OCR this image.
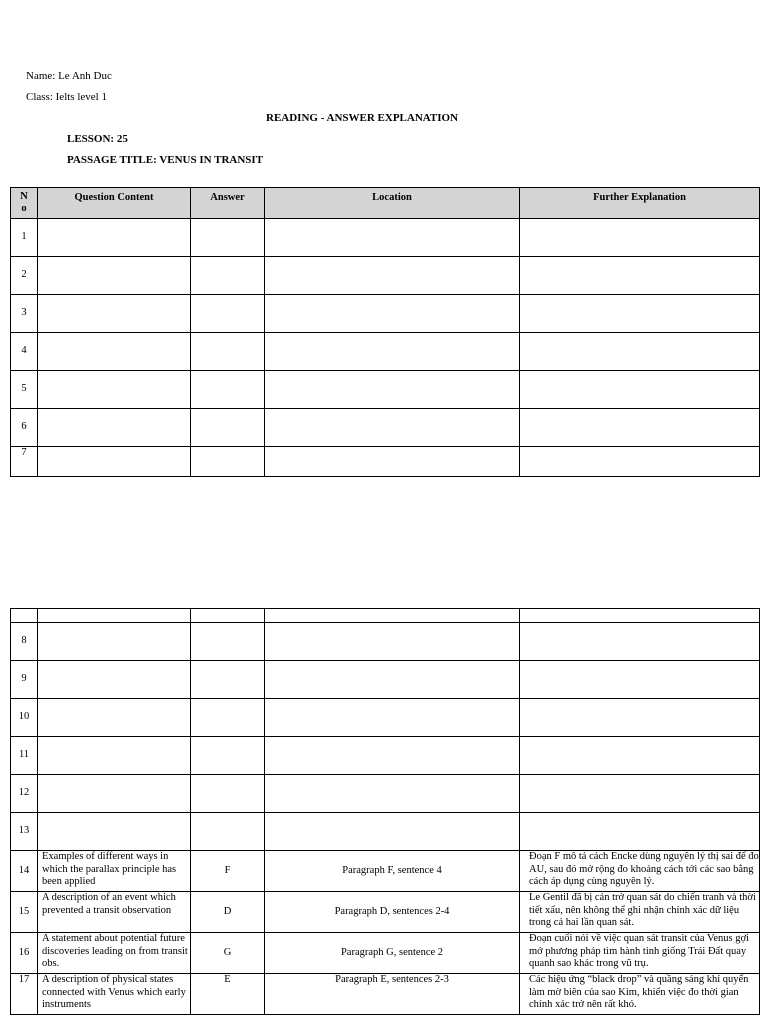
Name: Le Anh Duc
Class: Ielts level 1
READING - ANSWER EXPLANATION
LESSON: 25
PASSAGE TITLE: VENUS IN TRANSIT
N
o	Question Content	Answer	Location	Further Explanation
1				
2				
3				
4				
5				
6				
7				

8				
9				
10				
11				
12				
13				
14	Examples of different ways in which the parallax principle has been applied	F	Paragraph F, sentence 4	Đoạn F mô tả cách Encke dùng nguyên lý thị sai để đo AU, sau đó mở rộng đo khoảng cách tới các sao bằng cách áp dụng cùng nguyên lý.
15	A description of an event which prevented a transit observation	D	Paragraph D, sentences 2-4	Le Gentil đã bị cản trở quan sát do chiến tranh và thời tiết xấu, nên không thể ghi nhận chính xác dữ liệu trong cả hai lần quan sát.
16	A statement about potential future discoveries leading on from transit obs.	G	Paragraph G, sentence 2	Đoạn cuối nói về việc quan sát transit của Venus gợi mở phương pháp tìm hành tinh giống Trái Đất quay quanh sao khác trong vũ trụ.
17	A description of physical states connected with Venus which early instruments	E	Paragraph E, sentences 2-3	Các hiệu ứng “black drop” và quầng sáng khí quyển làm mờ biên của sao Kim, khiến việc đo thời gian chính xác trở nên rất khó.
